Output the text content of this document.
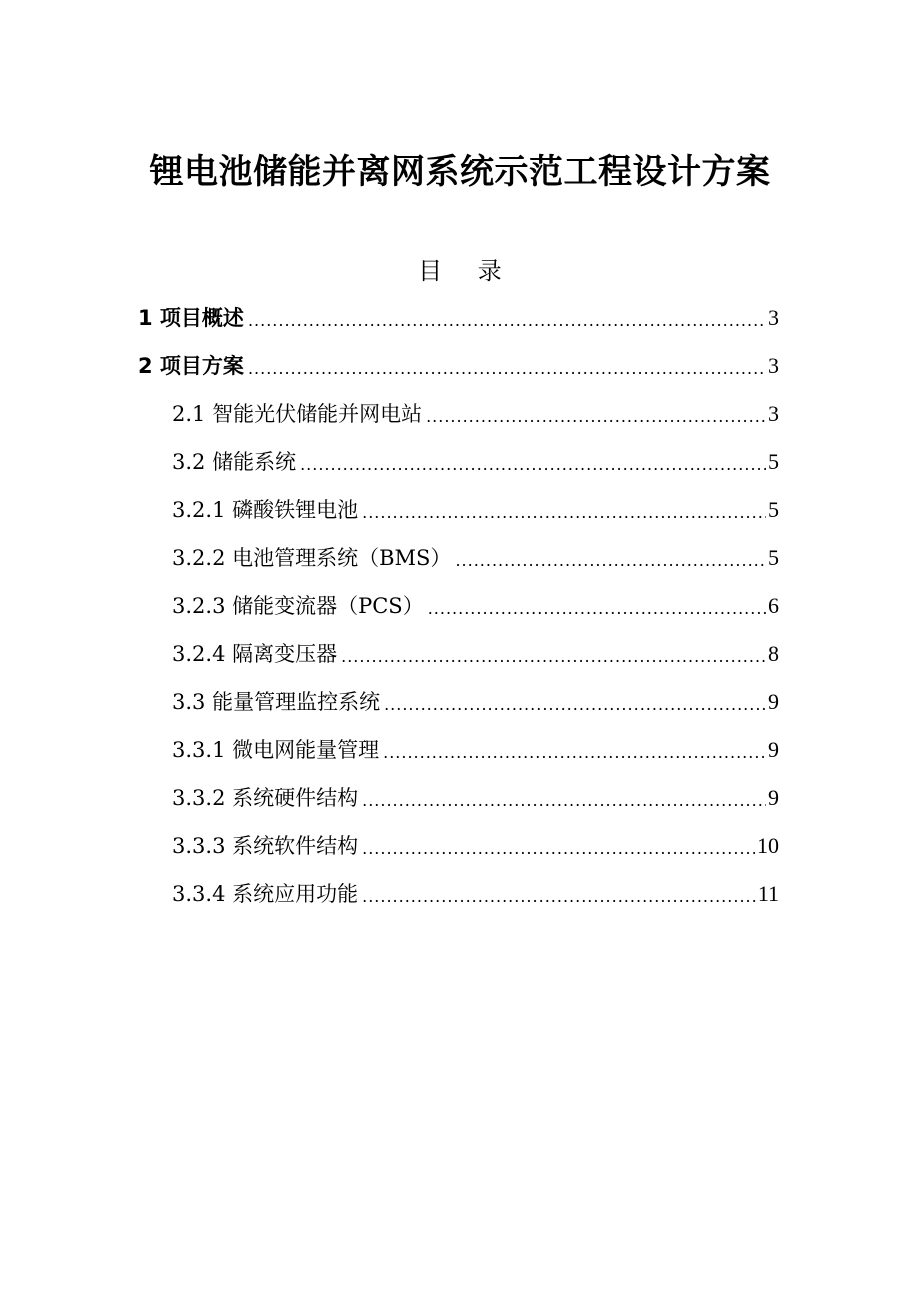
锂电池储能并离网系统示范工程设计方案
目 录
1 项目概述 .....	3
2 项目方案 .....	3
2.1 智能光伏储能并网电站 .....	3
3.2 储能系统 .....	5
3.2.1 磷酸铁锂电池 .....	5
3.2.2 电池管理系统（BMS） .....	5
3.2.3 储能变流器（PCS） .....	6
3.2.4 隔离变压器 .....	8
3.3 能量管理监控系统 .....	9
3.3.1 微电网能量管理 .....	9
3.3.2 系统硬件结构 .....	9
3.3.3 系统软件结构 .....	10
3.3.4 系统应用功能 .....	11
